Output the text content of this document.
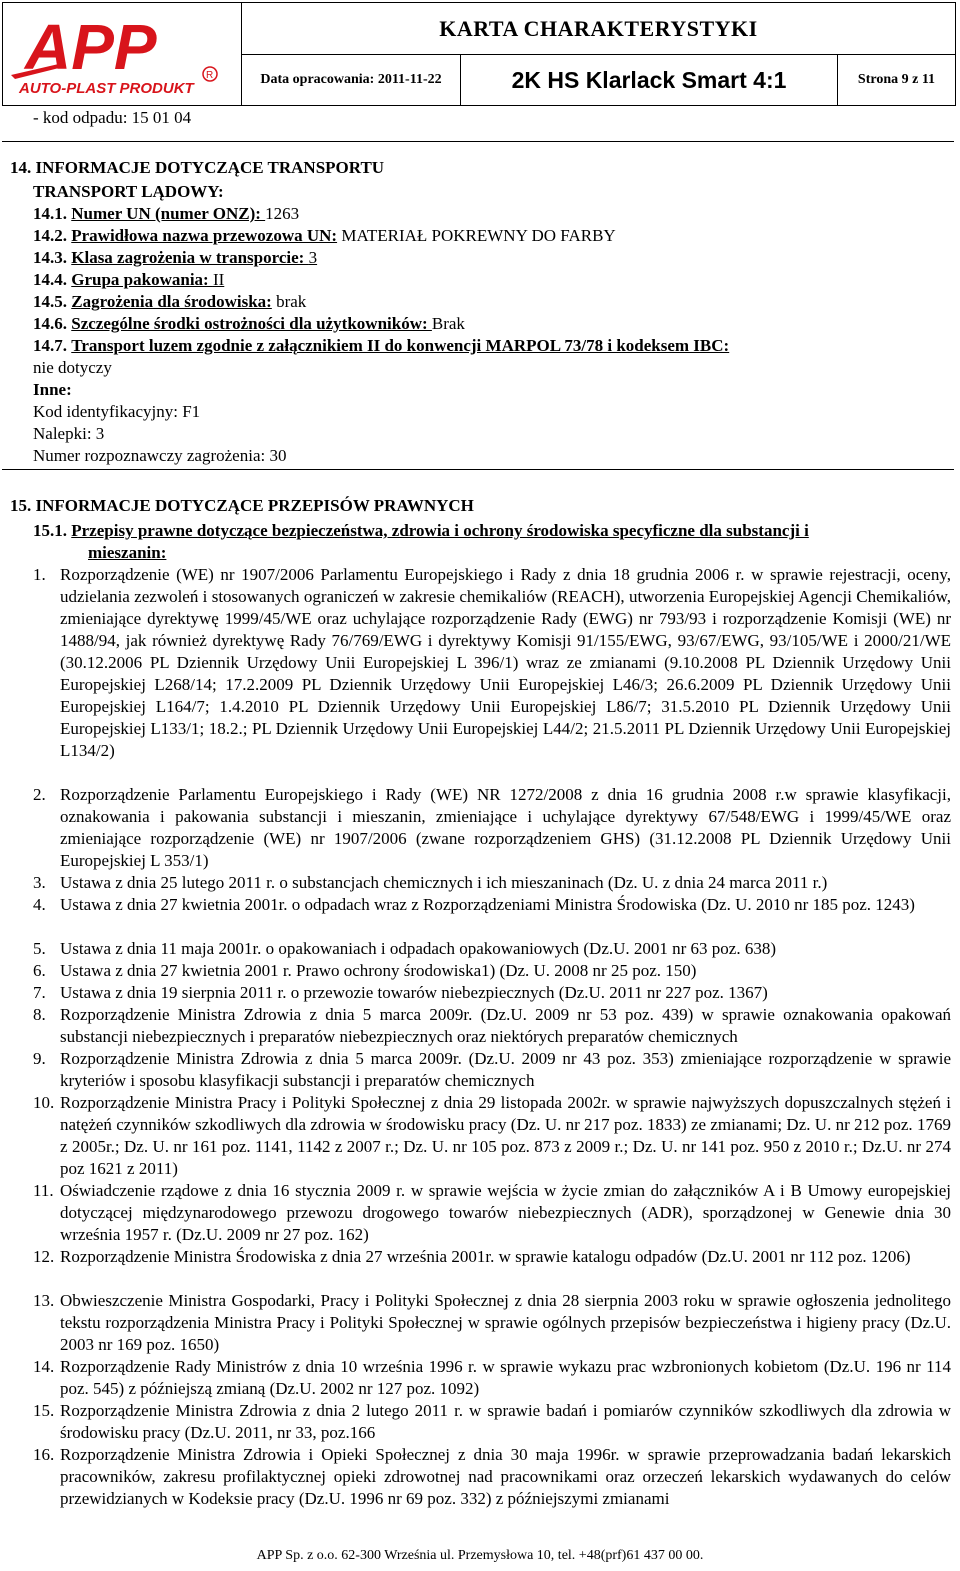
APP
AUTO-PLAST PRODUKT
R
KARTA CHARAKTERYSTYKI
Data opracowania: 2011-11-22	2K HS Klarlack Smart 4:1	Strona 9 z 11
- kod odpadu: 15 01 04
14. INFORMACJE DOTYCZĄCE TRANSPORTU
TRANSPORT LĄDOWY:
14.1. Numer UN (numer ONZ): 1263
14.2. Prawidłowa nazwa przewozowa UN: MATERIAŁ POKREWNY DO FARBY
14.3. Klasa zagrożenia w transporcie: 3
14.4. Grupa pakowania: II
14.5. Zagrożenia dla środowiska: brak
14.6. Szczególne środki ostrożności dla użytkowników: Brak
14.7. Transport luzem zgodnie z załącznikiem II do konwencji MARPOL 73/78 i kodeksem IBC:
nie dotyczy
Inne:
Kod identyfikacyjny: F1
Nalepki: 3
Numer rozpoznawczy zagrożenia: 30
15. INFORMACJE DOTYCZĄCE PRZEPISÓW PRAWNYCH
15.1. Przepisy prawne dotyczące bezpieczeństwa, zdrowia i ochrony środowiska specyficzne dla substancji i
mieszanin:
1. Rozporządzenie (WE) nr 1907/2006 Parlamentu Europejskiego i Rady z dnia 18 grudnia 2006 r. w sprawie rejestracji, oceny, udzielania zezwoleń i stosowanych ograniczeń w zakresie chemikaliów (REACH), utworzenia Europejskiej Agencji Chemikaliów, zmieniające dyrektywę 1999/45/WE oraz uchylające rozporządzenie Rady (EWG) nr 793/93 i rozporządzenie Komisji (WE) nr 1488/94, jak również dyrektywę Rady 76/769/EWG i dyrektywy Komisji 91/155/EWG, 93/67/EWG, 93/105/WE i 2000/21/WE (30.12.2006 PL Dziennik Urzędowy Unii Europejskiej L 396/1) wraz ze zmianami (9.10.2008 PL Dziennik Urzędowy Unii Europejskiej L268/14; 17.2.2009 PL Dziennik Urzędowy Unii Europejskiej L46/3; 26.6.2009 PL Dziennik Urzędowy Unii Europejskiej L164/7; 1.4.2010 PL Dziennik Urzędowy Unii Europejskiej L86/7; 31.5.2010 PL Dziennik Urzędowy Unii Europejskiej L133/1; 18.2.; PL Dziennik Urzędowy Unii Europejskiej L44/2; 21.5.2011 PL Dziennik Urzędowy Unii Europejskiej L134/2)
2. Rozporządzenie Parlamentu Europejskiego i Rady (WE) NR 1272/2008 z dnia 16 grudnia 2008 r.w sprawie klasyfikacji, oznakowania i pakowania substancji i mieszanin, zmieniające i uchylające dyrektywy 67/548/EWG i 1999/45/WE oraz zmieniające rozporządzenie (WE) nr 1907/2006 (zwane rozporządzeniem GHS) (31.12.2008 PL Dziennik Urzędowy Unii Europejskiej L 353/1)
3. Ustawa z dnia 25 lutego 2011 r. o substancjach chemicznych i ich mieszaninach (Dz. U. z dnia 24 marca 2011 r.)
4. Ustawa z dnia 27 kwietnia 2001r. o odpadach wraz z Rozporządzeniami Ministra Środowiska (Dz. U. 2010 nr 185 poz. 1243)
5. Ustawa z dnia 11 maja 2001r. o opakowaniach i odpadach opakowaniowych (Dz.U. 2001 nr 63 poz. 638)
6. Ustawa z dnia 27 kwietnia 2001 r. Prawo ochrony środowiska1) (Dz. U. 2008 nr 25 poz. 150)
7. Ustawa z dnia 19 sierpnia 2011 r. o przewozie towarów niebezpiecznych (Dz.U. 2011 nr 227 poz. 1367)
8. Rozporządzenie Ministra Zdrowia z dnia 5 marca 2009r. (Dz.U. 2009 nr 53 poz. 439) w sprawie oznakowania opakowań substancji niebezpiecznych i preparatów niebezpiecznych oraz niektórych preparatów chemicznych
9. Rozporządzenie Ministra Zdrowia z dnia 5 marca 2009r. (Dz.U. 2009 nr 43 poz. 353) zmieniające rozporządzenie w sprawie kryteriów i sposobu klasyfikacji substancji i preparatów chemicznych
10. Rozporządzenie Ministra Pracy i Polityki Społecznej z dnia 29 listopada 2002r. w sprawie najwyższych dopuszczalnych stężeń i natężeń czynników szkodliwych dla zdrowia w środowisku pracy (Dz. U. nr 217 poz. 1833) ze zmianami; Dz. U. nr 212 poz. 1769 z 2005r.; Dz. U. nr 161 poz. 1141, 1142 z 2007 r.; Dz. U. nr 105 poz. 873 z 2009 r.; Dz. U. nr 141 poz. 950 z 2010 r.; Dz.U. nr 274 poz 1621 z 2011)
11. Oświadczenie rządowe z dnia 16 stycznia 2009 r. w sprawie wejścia w życie zmian do załączników A i B Umowy europejskiej dotyczącej międzynarodowego przewozu drogowego towarów niebezpiecznych (ADR), sporządzonej w Genewie dnia 30 września 1957 r. (Dz.U. 2009 nr 27 poz. 162)
12. Rozporządzenie Ministra Środowiska z dnia 27 września 2001r. w sprawie katalogu odpadów (Dz.U. 2001 nr 112 poz. 1206)
13. Obwieszczenie Ministra Gospodarki, Pracy i Polityki Społecznej z dnia 28 sierpnia 2003 roku w sprawie ogłoszenia jednolitego tekstu rozporządzenia Ministra Pracy i Polityki Społecznej w sprawie ogólnych przepisów bezpieczeństwa i higieny pracy (Dz.U. 2003 nr 169 poz. 1650)
14. Rozporządzenie Rady Ministrów z dnia 10 września 1996 r. w sprawie wykazu prac wzbronionych kobietom (Dz.U. 196 nr 114 poz. 545) z późniejszą zmianą (Dz.U. 2002 nr 127 poz. 1092)
15. Rozporządzenie Ministra Zdrowia z dnia 2 lutego 2011 r. w sprawie badań i pomiarów czynników szkodliwych dla zdrowia w środowisku pracy (Dz.U. 2011, nr 33, poz.166
16. Rozporządzenie Ministra Zdrowia i Opieki Społecznej z dnia 30 maja 1996r. w sprawie przeprowadzania badań lekarskich pracowników, zakresu profilaktycznej opieki zdrowotnej nad pracownikami oraz orzeczeń lekarskich wydawanych do celów przewidzianych w Kodeksie pracy (Dz.U. 1996 nr 69 poz. 332) z późniejszymi zmianami
APP Sp. z o.o. 62-300 Września ul. Przemysłowa 10, tel. +48(prf)61 437 00 00.
